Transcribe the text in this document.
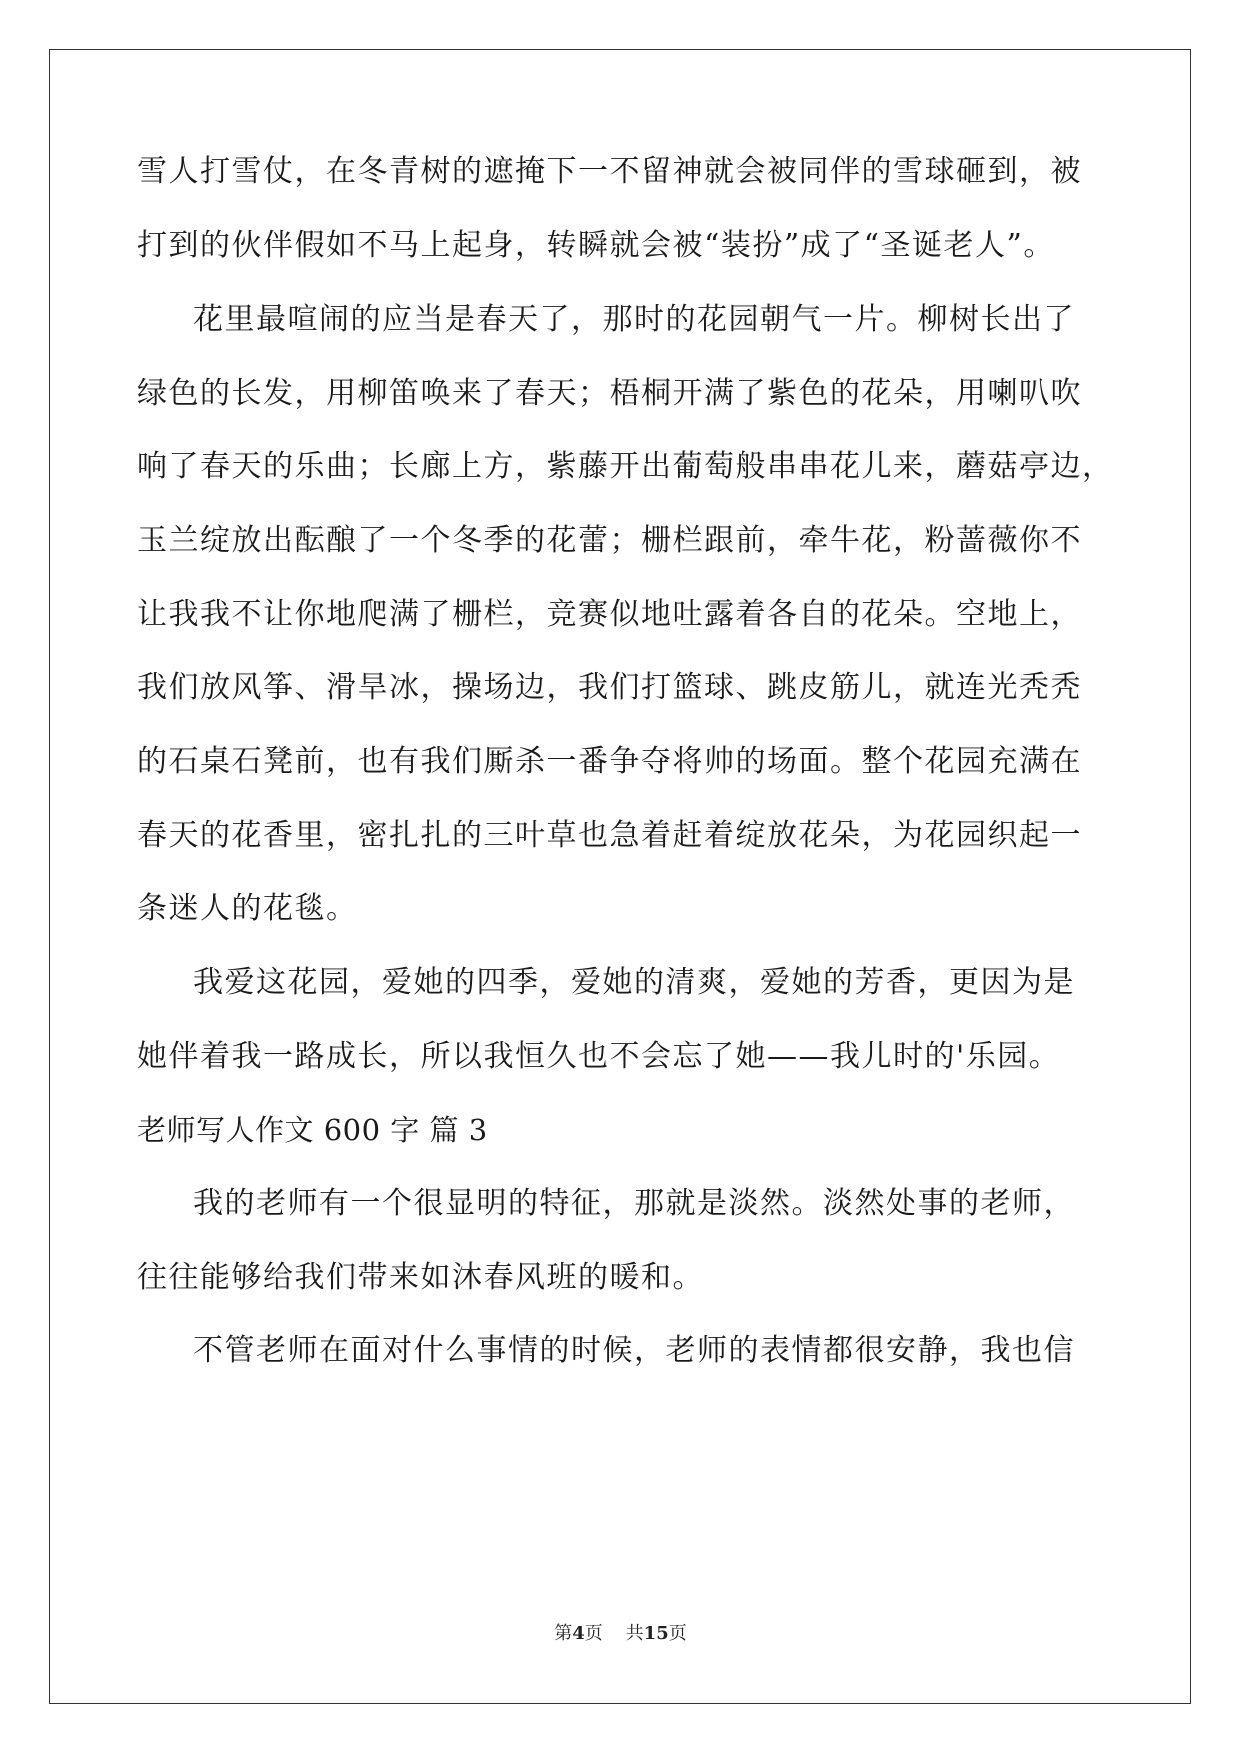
雪人打雪仗，在冬青树的遮掩下一不留神就会被同伴的雪球砸到，被
打到的伙伴假如不马上起身，转瞬就会被“装扮”成了“圣诞老人”。
花里最喧闹的应当是春天了，那时的花园朝气一片。柳树长出了
绿色的长发，用柳笛唤来了春天；梧桐开满了紫色的花朵，用喇叭吹
响了春天的乐曲；长廊上方，紫藤开出葡萄般串串花儿来，蘑菇亭边，
玉兰绽放出酝酿了一个冬季的花蕾；栅栏跟前，牵牛花，粉蔷薇你不
让我我不让你地爬满了栅栏，竞赛似地吐露着各自的花朵。空地上，
我们放风筝、滑旱冰，操场边，我们打篮球、跳皮筋儿，就连光秃秃
的石桌石凳前，也有我们厮杀一番争夺将帅的场面。整个花园充满在
春天的花香里，密扎扎的三叶草也急着赶着绽放花朵，为花园织起一
条迷人的花毯。
我爱这花园，爱她的四季，爱她的清爽，爱她的芳香，更因为是
她伴着我一路成长，所以我恒久也不会忘了她——我儿时的'乐园。
老师写人作文 600 字 篇 3
我的老师有一个很显明的特征，那就是淡然。淡然处事的老师，
往往能够给我们带来如沐春风班的暖和。
不管老师在面对什么事情的时候，老师的表情都很安静，我也信
第4页    共15页
